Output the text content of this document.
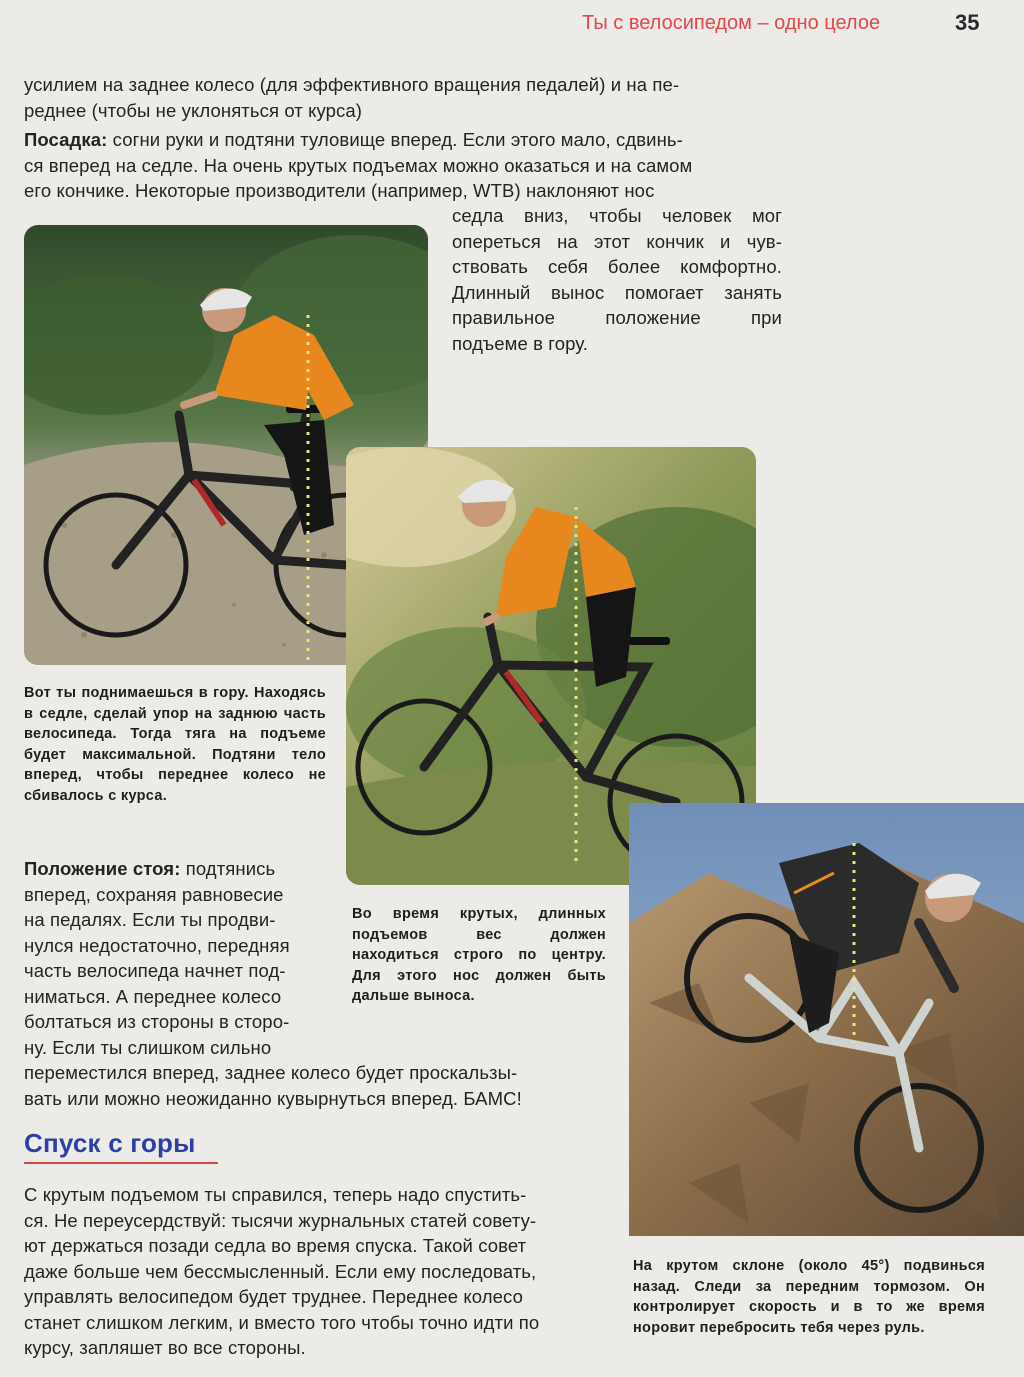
Ты с велосипедом – одно целое	35
усилием на заднее колесо (для эффективного вращения педалей) и на пе-
реднее (чтобы не уклоняться от курса)
Посадка: согни руки и подтяни туловище вперед. Если этого мало, сдвинь-
ся вперед на седле. На очень крутых подъемах можно оказаться и на самом
его кончике. Некоторые производители (например, WTB) наклоняют нос
седла вниз, чтобы человек мог
опереться на этот кончик и чув-
ствовать себя более комфортно.
Длинный вынос помогает занять
правильное положение при
подъеме в гору.
Вот ты поднимаешься в гору. Находясь в седле, сделай упор на заднюю часть велосипеда. Тогда тяга на подъеме будет максимальной. Подтяни тело вперед, чтобы переднее колесо не сбивалось с курса.
Положение стоя: подтянись
вперед, сохраняя равновесие
на педалях. Если ты продви-
нулся недостаточно, передняя
часть велосипеда начнет под-
ниматься. А переднее колесо
болтаться из стороны в сторо-
ну. Если ты слишком сильно
переместился вперед, заднее колесо будет проскальзы-
вать или можно неожиданно кувырнуться вперед. БАМС!
Во время крутых, длинных подъемов вес должен находиться строго по центру. Для этого нос должен быть дальше выноса.
Спуск с горы
С крутым подъемом ты справился, теперь надо спустить-
ся. Не переусердствуй: тысячи журнальных статей совету-
ют держаться позади седла во время спуска. Такой совет
даже больше чем бессмысленный. Если ему последовать,
управлять велосипедом будет труднее. Переднее колесо
станет слишком легким, и вместо того чтобы точно идти по
курсу, запляшет во все стороны.
На крутом склоне (около 45°) подвинься назад. Следи за передним тормозом. Он контролирует скорость и в то же время норовит перебросить тебя через руль.
